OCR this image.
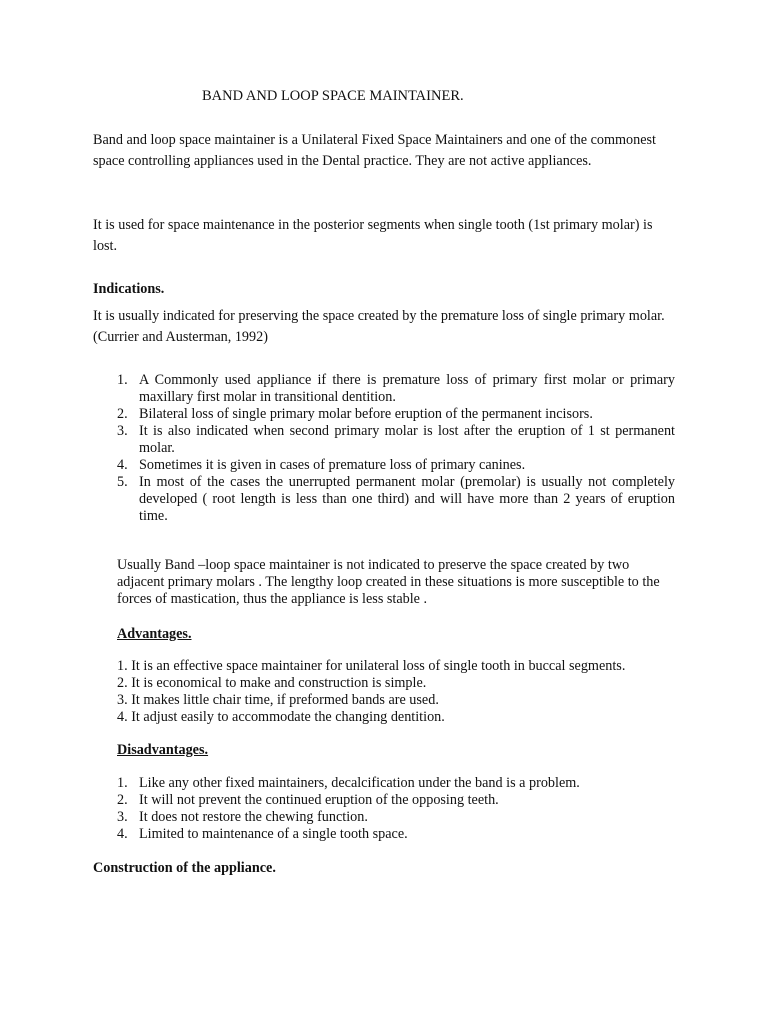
BAND AND LOOP SPACE MAINTAINER.
Band and loop space maintainer is a Unilateral Fixed Space Maintainers and one of the commonest space controlling appliances used in the Dental practice. They are not active appliances.
It is used for space maintenance in the posterior segments when single tooth (1st primary molar) is lost.
Indications.
It is usually indicated for preserving the space created by the premature loss of single primary molar. (Currier and Austerman, 1992)
1. A Commonly used appliance if there is premature loss of primary first molar or primary maxillary first molar in transitional dentition.
2. Bilateral loss of single primary molar before eruption of the permanent incisors.
3. It is also indicated when second primary molar is lost after the eruption of 1 st permanent molar.
4. Sometimes it is given in cases of premature loss of primary canines.
5. In most of the cases the unerrupted permanent molar (premolar) is usually not completely developed ( root length is less than one third) and will have more than 2 years of eruption time.
Usually Band –loop space maintainer is not indicated to preserve the space created by two adjacent primary molars . The lengthy loop created in these situations is more susceptible to the forces of mastication, thus the appliance is less stable .
Advantages.
1. It is an effective space maintainer for unilateral loss of single tooth in buccal segments.
2. It is economical to make and construction is simple.
3. It makes little chair time, if preformed bands are used.
4. It adjust easily to accommodate the changing dentition.
Disadvantages.
1. Like any other fixed maintainers, decalcification under the band is a problem.
2. It will not prevent the continued eruption of the opposing teeth.
3. It does not restore the chewing function.
4. Limited to maintenance of a single tooth space.
Construction of the appliance.
